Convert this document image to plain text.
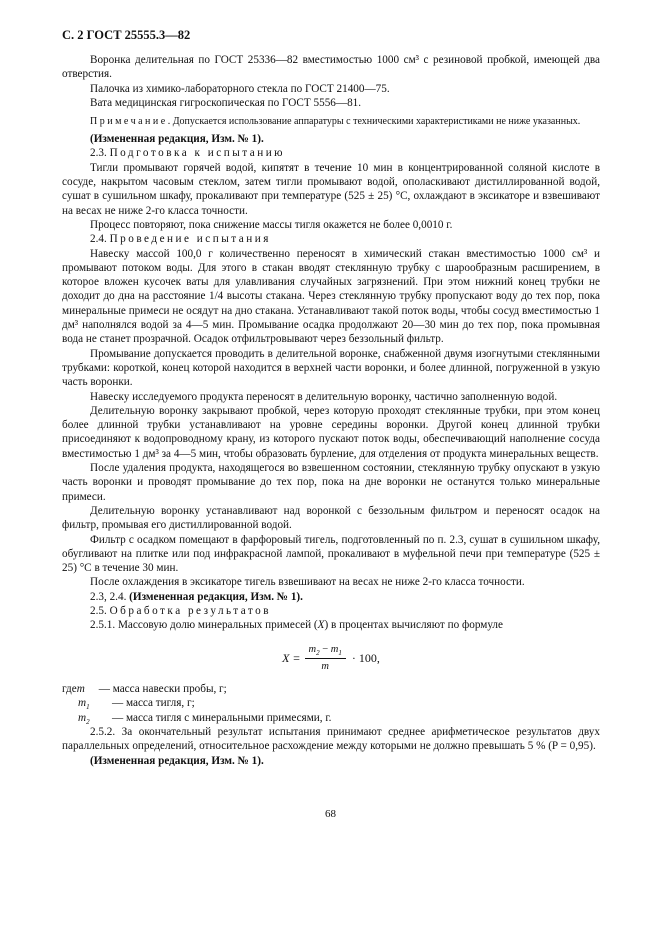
С. 2 ГОСТ 25555.3—82

Воронка делительная по ГОСТ 25336—82 вместимостью 1000 см³ с резиновой пробкой, имеющей два отверстия.

Палочка из химико-лабораторного стекла по ГОСТ 21400—75.

Вата медицинская гигроскопическая по ГОСТ 5556—81.

Примечание. Допускается использование аппаратуры с техническими характеристиками не ниже указанных.

(Измененная редакция, Изм. № 1).

2.3. Подготовка к испытанию

Тигли промывают горячей водой, кипятят в течение 10 мин в концентрированной соляной кислоте в сосуде, накрытом часовым стеклом, затем тигли промывают водой, ополаскивают дистиллированной водой, сушат в сушильном шкафу, прокаливают при температуре (525 ± 25) °С, охлаждают в эксикаторе и взвешивают на весах не ниже 2-го класса точности.

Процесс повторяют, пока снижение массы тигля окажется не более 0,0010 г.

2.4. Проведение испытания

Навеску массой 100,0 г количественно переносят в химический стакан вместимостью 1000 см³ и промывают потоком воды. Для этого в стакан вводят стеклянную трубку с шарообразным расширением, в которое вложен кусочек ваты для улавливания случайных загрязнений. При этом нижний конец трубки не доходит до дна на расстояние 1/4 высоты стакана. Через стеклянную трубку пропускают воду до тех пор, пока минеральные примеси не осядут на дно стакана. Устанавливают такой поток воды, чтобы сосуд вместимостью 1 дм³ наполнялся водой за 4—5 мин. Промывание осадка продолжают 20—30 мин до тех пор, пока промывная вода не станет прозрачной. Осадок отфильтровывают через беззольный фильтр.

Промывание допускается проводить в делительной воронке, снабженной двумя изогнутыми стеклянными трубками: короткой, конец которой находится в верхней части воронки, и более длинной, погруженной в узкую часть воронки.

Навеску исследуемого продукта переносят в делительную воронку, частично заполненную водой.

Делительную воронку закрывают пробкой, через которую проходят стеклянные трубки, при этом конец более длинной трубки устанавливают на уровне середины воронки. Другой конец длинной трубки присоединяют к водопроводному крану, из которого пускают поток воды, обеспечивающий наполнение сосуда вместимостью 1 дм³ за 4—5 мин, чтобы образовать бурление, для отделения от продукта минеральных веществ.

После удаления продукта, находящегося во взвешенном состоянии, стеклянную трубку опускают в узкую часть воронки и проводят промывание до тех пор, пока на дне воронки не останутся только минеральные примеси.

Делительную воронку устанавливают над воронкой с беззольным фильтром и переносят осадок на фильтр, промывая его дистиллированной водой.

Фильтр с осадком помещают в фарфоровый тигель, подготовленный по п. 2.3, сушат в сушильном шкафу, обугливают на плитке или под инфракрасной лампой, прокаливают в муфельной печи при температуре (525 ± 25) °С в течение 30 мин.

После охлаждения в эксикаторе тигель взвешивают на весах не ниже 2-го класса точности.

2.3, 2.4. (Измененная редакция, Изм. № 1).

2.5. Обработка результатов

2.5.1. Массовую долю минеральных примесей (X) в процентах вычисляют по формуле

$X = \frac{m_2 - m_1}{m} \cdot 100$,
где m	— масса навески пробы, г;
$m_1$	— масса тигля, г;
$m_2$	— масса тигля с минеральными примесями, г.

2.5.2. За окончательный результат испытания принимают среднее арифметическое результатов двух параллельных определений, относительное расхождение между которыми не должно превышать 5 % (P = 0,95).

(Измененная редакция, Изм. № 1).

68
